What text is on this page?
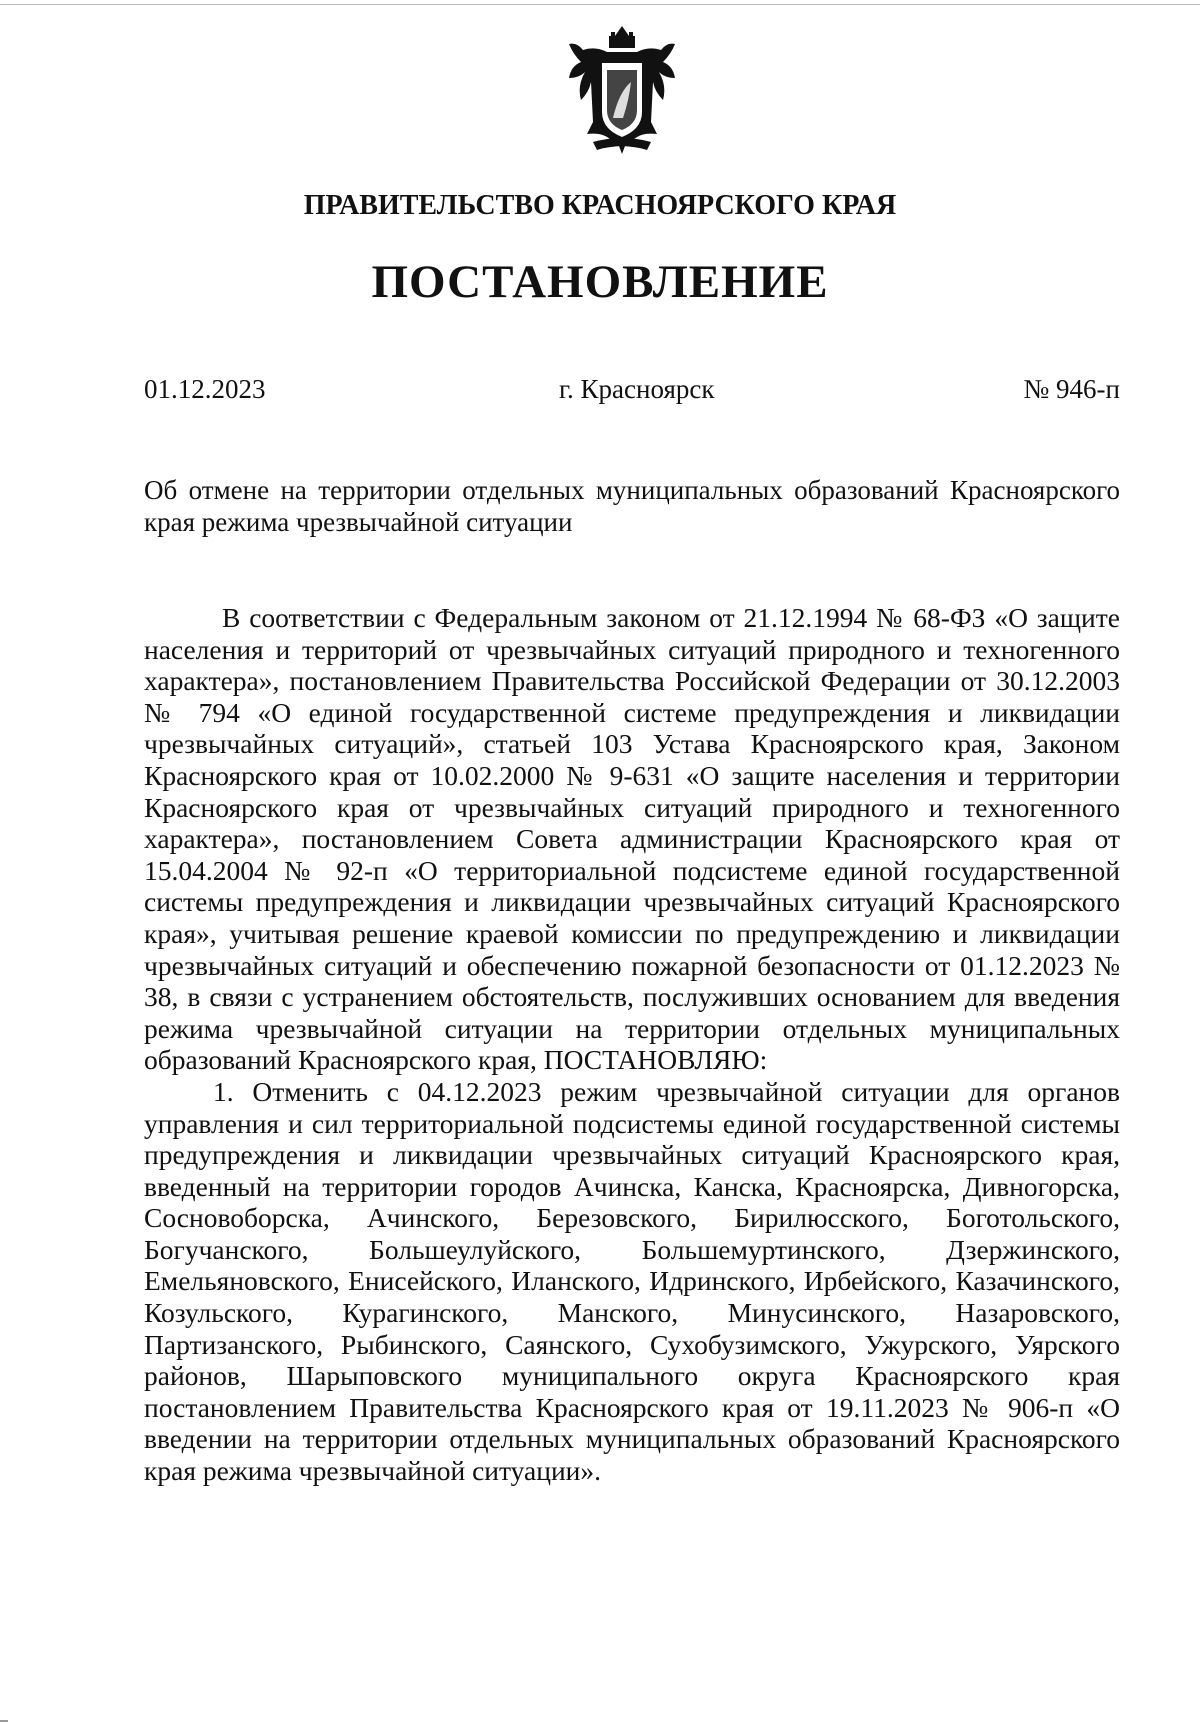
ПРАВИТЕЛЬСТВО КРАСНОЯРСКОГО КРАЯ
ПОСТАНОВЛЕНИЕ
01.12.2023	г. Красноярск	№ 946-п
Об отмене на территории отдельных муниципальных образований Красноярского края режима чрезвычайной ситуации

В соответствии с Федеральным законом от 21.12.1994 № 68-ФЗ «О защите населения и территорий от чрезвычайных ситуаций природного и техногенного характера», постановлением Правительства Российской Федерации от 30.12.2003 № 794 «О единой государственной системе предупреждения и ликвидации чрезвычайных ситуаций», статьей 103 Устава Красноярского края, Законом Красноярского края от 10.02.2000 № 9-631 «О защите населения и территории Красноярского края от чрезвычайных ситуаций природного и техногенного характера», постановлением Совета администрации Красноярского края от 15.04.2004 № 92-п «О территориальной подсистеме единой государственной системы предупреждения и ликвидации чрезвычайных ситуаций Красноярского края», учитывая решение краевой комиссии по предупреждению и ликвидации чрезвычайных ситуаций и обеспечению пожарной безопасности от 01.12.2023 № 38, в связи с устранением обстоятельств, послуживших основанием для введения режима чрезвычайной ситуации на территории отдельных муниципальных образований Красноярского края, ПОСТАНОВЛЯЮ:

1. Отменить с 04.12.2023 режим чрезвычайной ситуации для органов управления и сил территориальной подсистемы единой государственной системы предупреждения и ликвидации чрезвычайных ситуаций Красноярского края, введенный на территории городов Ачинска, Канска, Красноярска, Дивногорска, Сосновоборска, Ачинского, Березовского, Бирилюсского, Боготольского, Богучанского, Большеулуйского, Большемуртинского, Дзержинского, Емельяновского, Енисейского, Иланского, Идринского, Ирбейского, Казачинского, Козульского, Курагинского, Манского, Минусинского, Назаровского, Партизанского, Рыбинского, Саянского, Сухобузимского, Ужурского, Уярского районов, Шарыповского муниципального округа Красноярского края постановлением Правительства Красноярского края от 19.11.2023 № 906-п «О введении на территории отдельных муниципальных образований Красноярского края режима чрезвычайной ситуации».
